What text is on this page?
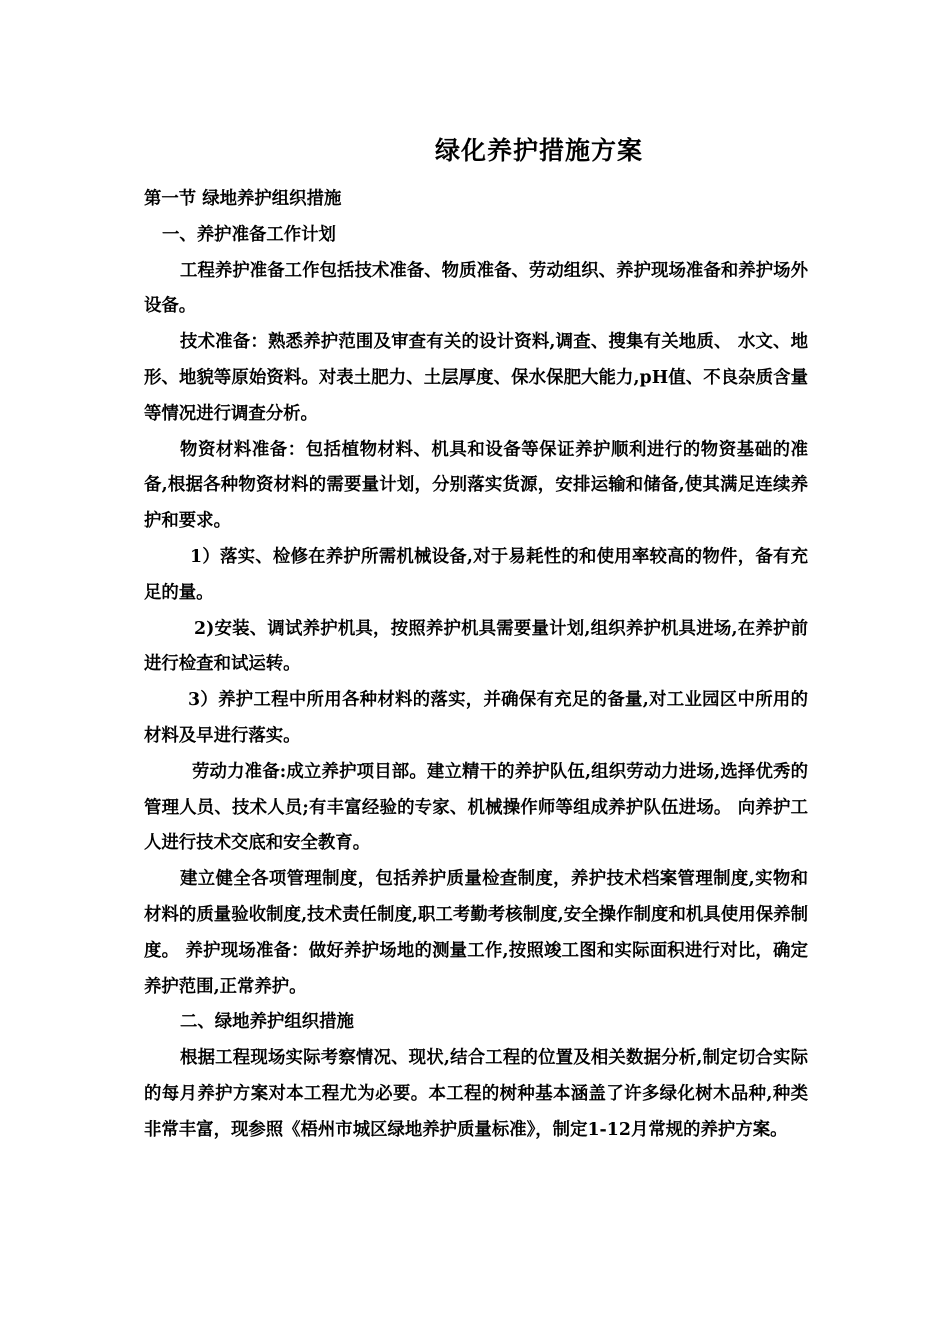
绿化养护措施方案

第一节 绿地养护组织措施

一、养护准备工作计划

工程养护准备工作包括技术准备、物质准备、劳动组织、养护现场准备和养护场外设备。

技术准备：熟悉养护范围及审查有关的设计资料,调查、搜集有关地质、 水文、地形、地貌等原始资料。对表土肥力、土层厚度、保水保肥大能力,pH值、不良杂质含量等情况进行调查分析。

物资材料准备：包括植物材料、机具和设备等保证养护顺利进行的物资基础的准备,根据各种物资材料的需要量计划，分别落实货源，安排运输和储备,使其满足连续养护和要求。

1）落实、检修在养护所需机械设备,对于易耗性的和使用率较高的物件，备有充足的量。

2)安装、调试养护机具，按照养护机具需要量计划,组织养护机具进场,在养护前进行检查和试运转。

3）养护工程中所用各种材料的落实，并确保有充足的备量,对工业园区中所用的材料及早进行落实。

劳动力准备:成立养护项目部。建立精干的养护队伍,组织劳动力进场,选择优秀的管理人员、技术人员;有丰富经验的专家、机械操作师等组成养护队伍进场。 向养护工人进行技术交底和安全教育。

建立健全各项管理制度，包括养护质量检查制度，养护技术档案管理制度,实物和材料的质量验收制度,技术责任制度,职工考勤考核制度,安全操作制度和机具使用保养制度。 养护现场准备：做好养护场地的测量工作,按照竣工图和实际面积进行对比，确定养护范围,正常养护。

二、绿地养护组织措施

根据工程现场实际考察情况、现状,结合工程的位置及相关数据分析,制定切合实际的每月养护方案对本工程尤为必要。本工程的树种基本涵盖了许多绿化树木品种,种类非常丰富，现参照《梧州市城区绿地养护质量标准》，制定1-12月常规的养护方案。
